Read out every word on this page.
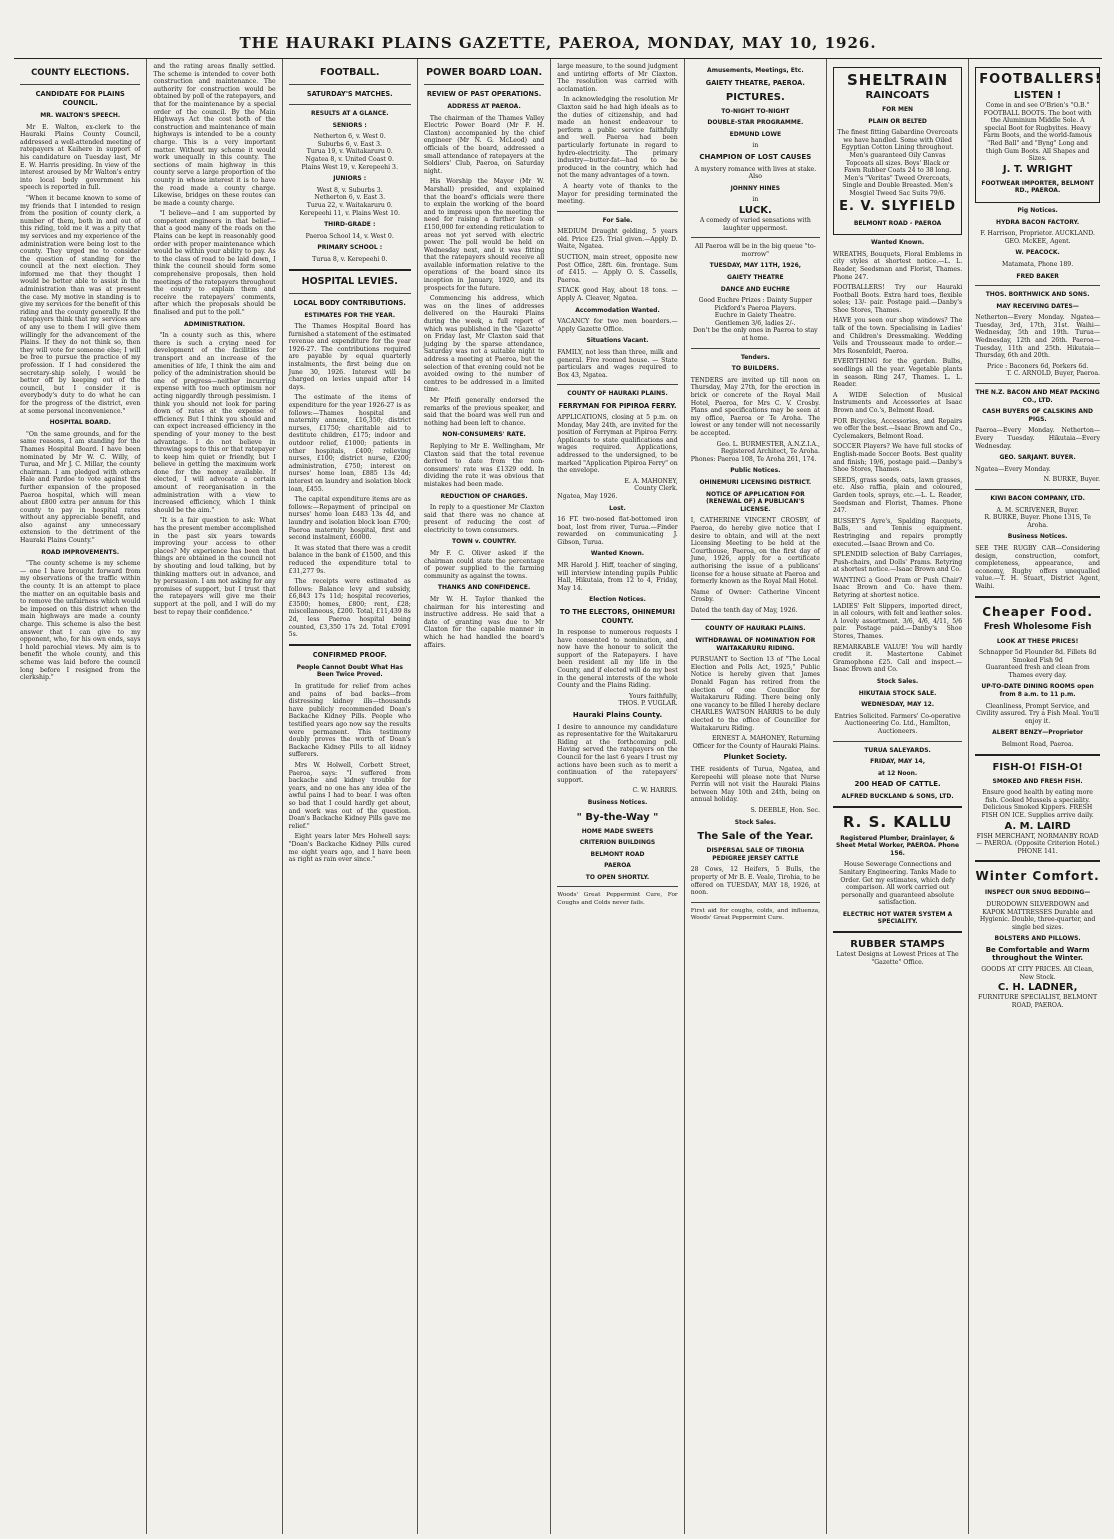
THE HAURAKI PLAINS GAZETTE, PAEROA, MONDAY, MAY 10, 1926.
COUNTY ELECTIONS.
CANDIDATE FOR PLAINS COUNCIL.
MR. WALTON'S SPEECH.

Mr E. Walton, ex-clerk to the Hauraki Plains County Council, addressed a well-attended meeting of ratepayers at Kaihere in support of his candidature on Tuesday last, Mr E. W. Harris presiding. In view of the interest aroused by Mr Walton's entry into local body government his speech is reported in full.

"When it became known to some of my friends that I intended to resign from the position of county clerk, a number of them, both in and out of this riding, told me it was a pity that my services and my experience of the administration were being lost to the county. They urged me to consider the question of standing for the council at the next election. They informed me that they thought I would be better able to assist in the administration than was at present the case. My motive in standing is to give my services for the benefit of this riding and the county generally. If the ratepayers think that my services are of any use to them I will give them willingly for the advancement of the Plains. If they do not think so, then they will vote for someone else; I will be free to pursue the practice of my profession. If I had considered the secretary-ship solely, I would be better off by keeping out of the council, but I consider it is everybody's duty to do what he can for the progress of the district, even at some personal inconvenience."

HOSPITAL BOARD.

"On the same grounds, and for the same reasons, I am standing for the Thames Hospital Board. I have been nominated by Mr W. C. Willy, of Turua, and Mr J. C. Millar, the county chairman. I am pledged with others Hale and Pardoe to vote against the further expansion of the proposed Paeroa hospital, which will mean about £800 extra per annum for this county to pay in hospital rates without any appreciable benefit, and also against any unnecessary extension to the detriment of the Hauraki Plains County."

ROAD IMPROVEMENTS.

"The county scheme is my scheme — one I have brought forward from my observations of the traffic within the county. It is an attempt to place the matter on an equitable basis and to remove the unfairness which would be imposed on this district when the main highways are made a county charge. This scheme is also the best answer that I can give to my opponent, who, for his own ends, says I hold parochial views. My aim is to benefit the whole county, and this scheme was laid before the council long before I resigned from the clerkship."

and the rating areas finally settled. The scheme is intended to cover both construction and maintenance. The authority for construction would be obtained by poll of the ratepayers, and that for the maintenance by a special order of the council. By the Main Highways Act the cost both of the construction and maintenance of main highways is intended to be a county charge. This is a very important matter. Without my scheme it would work unequally in this county. The sections of main highway in this county serve a large proportion of the county in whose interest it is to have the road made a county charge. Likewise, bridges on these routes can be made a county charge.

"I believe—and I am supported by competent engineers in that belief—that a good many of the roads on the Plains can be kept in reasonably good order with proper maintenance which would be within your ability to pay. As to the class of road to be laid down, I think the council should form some comprehensive proposals, then hold meetings of the ratepayers throughout the county to explain them and receive the ratepayers' comments, after which the proposals should be finalised and put to the poll."

ADMINISTRATION.

"In a county such as this, where there is such a crying need for development of the facilities for transport and an increase of the amenities of life, I think the aim and policy of the administration should be one of progress—neither incurring expense with too much optimism nor acting niggardly through pessimism. I think you should not look for paring down of rates at the expense of efficiency. But I think you should and can expect increased efficiency in the spending of your money to the best advantage. I do not believe in throwing sops to this or that ratepayer to keep him quiet or friendly, but I believe in getting the maximum work done for the money available. If elected, I will advocate a certain amount of reorganisation in the administration with a view to increased efficiency, which I think should be the aim."

"It is a fair question to ask: What has the present member accomplished in the past six years towards improving your access to other places? My experience has been that things are obtained in the council not by shouting and loud talking, but by thinking matters out in advance, and by persuasion. I am not asking for any promises of support, but I trust that the ratepayers will give me their support at the poll, and I will do my best to repay their confidence."

FOOTBALL.
SATURDAY'S MATCHES.
RESULTS AT A GLANCE.
SENIORS :
Netherton 6, v. West 0.
Suburbs 6, v. East 3.
Turua 19, v. Waitakaruru 0.
Ngatea 8, v. United Coast 0.
Plains West 19, v. Kerepeehi 3.
JUNIORS :
West 8, v. Suburbs 3.
Netherton 6, v. East 3.
Turua 22, v. Waitakaruru 0.
Kerepeehi 11, v. Plains West 10.
THIRD-GRADE :
Paeroa School 14, v. West 0.
PRIMARY SCHOOL :
Turua 8, v. Kerepeehi 0.
HOSPITAL LEVIES.
LOCAL BODY CONTRIBUTIONS.
ESTIMATES FOR THE YEAR.

The Thames Hospital Board has furnished a statement of the estimated revenue and expenditure for the year 1926-27. The contributions required are payable by equal quarterly instalments, the first being due on June 30, 1926. Interest will be charged on levies unpaid after 14 days.

The estimate of the items of expenditure for the year 1926-27 is as follows:—Thames hospital and maternity annexe, £16,350; district nurses, £1750; charitable aid to destitute children, £175; indoor and outdoor relief, £1000; patients in other hospitals, £400; relieving nurses, £100; district nurse, £200; administration, £750; interest on nurses' home loan, £885 13s 4d; interest on laundry and isolation block loan, £455.

The capital expenditure items are as follows:—Repayment of principal on nurses' home loan £483 13s 4d, and laundry and isolation block loan £700; Paeroa maternity hospital, first and second instalment, £6000.

It was stated that there was a credit balance in the bank of £1500, and this reduced the expenditure total to £31,277 9s.

The receipts were estimated as follows: Balance levy and subsidy, £6,843 17s 11d; hospital recoveries, £3500; homes, £800; rent, £28; miscellaneous, £200. Total, £11,439 8s 2d, less Paeroa hospital being counted, £3,350 17s 2d. Total £7091 5s.

CONFIRMED PROOF.
People Cannot Doubt What Has Been Twice Proved.

In gratitude for relief from aches and pains of bad backs—from distressing kidney ills—thousands have publicly recommended Doan's Backache Kidney Pills. People who testified years ago now say the results were permanent. This testimony doubly proves the worth of Doan's Backache Kidney Pills to all kidney sufferers.

Mrs W. Holwell, Corbett Street, Paeroa, says: "I suffered from backache and kidney trouble for years, and no one has any idea of the awful pains I had to bear. I was often so bad that I could hardly get about, and work was out of the question. Doan's Backache Kidney Pills gave me relief."

Eight years later Mrs Holwell says: "Doan's Backache Kidney Pills cured me eight years ago, and I have been as right as rain ever since."

POWER BOARD LOAN.
REVIEW OF PAST OPERATIONS.
ADDRESS AT PAEROA.

The chairman of the Thames Valley Electric Power Board (Mr F. H. Claxton) accompanied by the chief engineer (Mr N. G. McLeod) and officials of the board, addressed a small attendance of ratepayers at the Soldiers' Club, Paeroa, on Saturday night.

His Worship the Mayor (Mr W. Marshall) presided, and explained that the board's officials were there to explain the working of the board and to impress upon the meeting the need for raising a further loan of £150,000 for extending reticulation to areas not yet served with electric power. The poll would be held on Wednesday next, and it was fitting that the ratepayers should receive all available information relative to the operations of the board since its inception in January, 1920, and its prospects for the future.

Commencing his address, which was on the lines of addresses delivered on the Hauraki Plains during the week, a full report of which was published in the "Gazette" on Friday last, Mr Claxton said that judging by the sparse attendance, Saturday was not a suitable night to address a meeting at Paeroa, but the selection of that evening could not be avoided owing to the number of centres to be addressed in a limited time.

Mr Pfeifi generally endorsed the remarks of the previous speaker, and said that the board was well run and nothing had been left to chance.

NON-CONSUMERS' RATE.

Replying to Mr E. Wellingham, Mr Claxton said that the total revenue derived to date from the non-consumers' rate was £1329 odd. In dividing the rate it was obvious that mistakes had been made.

REDUCTION OF CHARGES.

In reply to a questioner Mr Claxton said that there was no chance at present of reducing the cost of electricity to town consumers.

TOWN v. COUNTRY.

Mr F. C. Oliver asked if the chairman could state the percentage of power supplied to the farming community as against the towns.

THANKS AND CONFIDENCE.

Mr W. H. Taylor thanked the chairman for his interesting and instructive address. He said that a date of granting was due to Mr Claxton for the capable manner in which he had handled the board's affairs.

large measure, to the sound judgment and untiring efforts of Mr Claxton. The resolution was carried with acclamation.

In acknowledging the resolution Mr Claxton said he had high ideals as to the duties of citizenship, and had made an honest endeavour to perform a public service faithfully and well. Paeroa had been particularly fortunate in regard to hydro-electricity. The primary industry—butter-fat—had to be produced in the country, which had not the many advantages of a town.

A hearty vote of thanks to the Mayor for presiding terminated the meeting.

For Sale.
MEDIUM Draught gelding, 5 years old. Price £25. Trial given.—Apply D. Waite, Ngatea.
SUCTION, main street, opposite new Post Office, 28ft. 6in. frontage. Sum of £415. — Apply O. S. Cassells, Paeroa.
STACK good Hay, about 18 tons. — Apply A. Cleaver, Ngatea.
Accommodation Wanted.
VACANCY for two men boarders.—Apply Gazette Office.
Situations Vacant.
FAMILY, not less than three, milk and general. Five roomed house. — State particulars and wages required to Box 43, Ngatea.
COUNTY OF HAURAKI PLAINS.
FERRYMAN FOR PIPIROA FERRY.
APPLICATIONS, closing at 5 p.m. on Monday, May 24th, are invited for the position of Ferryman at Pipiroa Ferry. Applicants to state qualifications and wages required. Applications, addressed to the undersigned, to be marked "Application Pipiroa Ferry" on the envelope.
E. A. MAHONEY,
County Clerk.
Ngatea, May 1926.
Lost.
16 FT. two-nosed flat-bottomed iron boat, lost from river, Turua.—Finder rewarded on communicating J. Gibson, Turua.
Wanted Known.
MR Harold J. Hiff, teacher of singing, will interview intending pupils Public Hall, Hikutaia, from 12 to 4, Friday, May 14.
Election Notices.
TO THE ELECTORS, OHINEMURI COUNTY.
In response to numerous requests I have consented to nomination, and now have the honour to solicit the support of the Ratepayers. I have been resident all my life in the County, and if elected will do my best in the general interests of the whole County and the Plains Riding.
Yours faithfully,
THOS. P. VUGLAR.
Hauraki Plains County.
I desire to announce my candidature as representative for the Waitakaruru Riding at the forthcoming poll. Having served the ratepayers on the Council for the last 6 years I trust my actions have been such as to merit a continuation of the ratepayers' support.
C. W. HARRIS.
Business Notices.
" By-the-Way "
HOME MADE SWEETS
CRITERION BUILDINGS
BELMONT ROAD
PAEROA
TO OPEN SHORTLY.
Woods' Great Peppermint Cure, For Coughs and Colds never fails.
Amusements, Meetings, Etc.
GAIETY THEATRE, PAEROA.
PICTURES.
TO-NIGHT TO-NIGHT
DOUBLE-STAR PROGRAMME.
EDMUND LOWE
in
CHAMPION OF LOST CAUSES
A mystery romance with lives at stake.
Also
JOHNNY HINES
in
LUCK.
A comedy of varied sensations with laughter uppermost.
All Paeroa will be in the big queue "to-morrow"
TUESDAY, MAY 11TH, 1926,
GAIETY THEATRE
DANCE AND EUCHRE
Good Euchre Prizes : Dainty Supper
Pickford's Paeroa Players.
Euchre in Gaiety Theatre.
Gentlemen 3/6, ladies 2/-.
Don't be the only ones in Paeroa to stay at home.
Tenders.
TO BUILDERS.
TENDERS are invited up till noon on Thursday, May 27th, for the erection in brick or concrete of the Royal Mail Hotel, Paeroa, for Mrs C. V. Crosby. Plans and specifications may be seen at my office, Paeroa or Te Aroha. The lowest or any tender will not necessarily be accepted.
Geo. L. BURMESTER, A.N.Z.I.A., Registered Architect, Te Aroha.
Phones: Paeroa 108, Te Aroha 261, 174.
Public Notices.
OHINEMURI LICENSING DISTRICT.
NOTICE OF APPLICATION FOR (RENEWAL OF) A PUBLICAN'S LICENSE.
I, CATHERINE VINCENT CROSBY, of Paeroa, do hereby give notice that I desire to obtain, and will at the next Licensing Meeting to be held at the Courthouse, Paeroa, on the first day of June, 1926, apply for a certificate authorising the issue of a publicans' license for a house situate at Paeroa and formerly known as the Royal Mail Hotel.
Name of Owner: Catherine Vincent Crosby.
Dated the tenth day of May, 1926.
COUNTY OF HAURAKI PLAINS.
WITHDRAWAL OF NOMINATION FOR WAITAKARURU RIDING.
PURSUANT to Section 13 of "The Local Election and Polls Act, 1925," Public Notice is hereby given that James Donald Fagan has retired from the election of one Councillor for Waitakaruru Riding. There being only one vacancy to be filled I hereby declare CHARLES WATSON HARRIS to be duly elected to the office of Councillor for Waitakaruru Riding.
ERNEST A. MAHONEY, Returning Officer for the County of Hauraki Plains.
Plunket Society.
THE residents of Turua, Ngatea, and Kerepeehi will please note that Nurse Perrin will not visit the Hauraki Plains between May 10th and 24th, being on annual holiday.
S. DEEBLE, Hon. Sec.
Stock Sales.
The Sale of the Year.
DISPERSAL SALE OF TIROHIA PEDIGREE JERSEY CATTLE
28 Cows, 12 Heifers, 5 Bulls, the property of Mr B. E. Veale, Tirohia, to be offered on TUESDAY, MAY 18, 1926, at noon.
First aid for coughs, colds, and influenza, Woods' Great Peppermint Cure.
SHELTRAIN
RAINCOATS
FOR MEN
PLAIN OR BELTED
The finest fitting Gabardine Overcoats we have handled. Some with Oiled Egyptian Cotton Lining throughout. Men's guaranteed Oily Canvas Topcoats all sizes. Boys' Black or Fawn Rubber Coats 24 to 38 long. Men's "Veritas" Tweed Overcoats, Single and Double Breasted. Men's Mosgiel Tweed Sac Suits 79/6.
E. V. SLYFIELD
BELMONT ROAD - PAEROA
Wanted Known.
WREATHS, Bouquets, Floral Emblems in city styles at shortest notice.—L. L. Reader, Seedsman and Florist, Thames. Phone 247.
FOOTBALLERS! Try our Hauraki Football Boots. Extra hard toes, flexible soles; 13/- pair. Postage paid.—Danby's Shoe Stores, Thames.
HAVE you seen our shop windows? The talk of the town. Specialising in Ladies' and Children's Dressmaking. Wedding Veils and Trousseaux made to order.—Mrs Rosenfeldt, Paeroa.
EVERYTHING for the garden. Bulbs, seedlings all the year. Vegetable plants in season. Ring 247, Thames. L. L. Reader.
A WIDE Selection of Musical Instruments and Accessories at Isaac Brown and Co.'s, Belmont Road.
FOR Bicycles, Accessories, and Repairs we offer the best.—Isaac Brown and Co., Cyclemakers, Belmont Road.
SOCCER Players? We have full stocks of English-made Soccer Boots. Best quality and finish; 19/6, postage paid.—Danby's Shoe Stores, Thames.
SEEDS, grass seeds, oats, lawn grasses, etc. Also raffia, plain and coloured, Garden tools, sprays, etc.—L. L. Reader, Seedsman and Florist, Thames. Phone 247.
BUSSEY'S Ayre's, Spalding Racquets, Balls, and Tennis equipment. Restringing and repairs promptly executed.—Isaac Brown and Co.
SPLENDID selection of Baby Carriages, Push-chairs, and Dolls' Prams. Retyring at shortest notice.—Isaac Brown and Co.
WANTING a Good Pram or Push Chair? Isaac Brown and Co. have them. Retyring at shortest notice.
LADIES' Felt Slippers, imported direct, in all colours, with felt and leather soles. A lovely assortment. 3/6, 4/6, 4/11, 5/6 pair. Postage paid.—Danby's Shoe Stores, Thames.
REMARKABLE VALUE! You will hardly credit it. Mastertone Cabinet Gramophone £25. Call and inspect.—Isaac Brown and Co.
Stock Sales.
HIKUTAIA STOCK SALE.
WEDNESDAY, MAY 12.
Entries Solicited. Farmers' Co-operative Auctioneering Co. Ltd., Hamilton, Auctioneers.
TURUA SALEYARDS.
FRIDAY, MAY 14,
at 12 Noon.
200 HEAD OF CATTLE.
ALFRED BUCKLAND & SONS, LTD.
R. S. KALLU
Registered Plumber, Drainlayer, & Sheet Metal Worker, PAEROA. Phone 156.
House Sewerage Connections and Sanitary Engineering. Tanks Made to Order. Get my estimates, which defy comparison. All work carried out personally and guaranteed absolute satisfaction.
ELECTRIC HOT WATER SYSTEM A SPECIALITY.
RUBBER STAMPS
Latest Designs at Lowest Prices at The "Gazette" Office.
FOOTBALLERS!
LISTEN !
Come in and see O'Brien's "O.B." FOOTBALL BOOTS. The boot with the Aluminium Middle Sole. A special Boot for Rugbyites. Heavy Farm Boots, and the world-famous "Red Ball" and "Byng" Long and thigh Gum Boots. All Shapes and Sizes.
J. T. WRIGHT
FOOTWEAR IMPORTER, BELMONT RD., PAEROA.
Pig Notices.
HYDRA BACON FACTORY.
F. Harrison, Proprietor. AUCKLAND.
GEO. McKEE, Agent.
W. PEACOCK.
Matamata, Phone 189.
FRED BAKER
THOS. BORTHWICK AND SONS.
MAY RECEIVING DATES—
Netherton—Every Monday. Ngatea—Tuesday, 3rd, 17th, 31st. Waihi—Wednesday, 5th and 19th. Turua—Wednesday, 12th and 26th. Paeroa—Tuesday, 11th and 25th. Hikutaia—Thursday, 6th and 20th.
Price : Baconers 6d, Porkers 6d.
T. C. ARNOLD, Buyer, Paeroa.
THE N.Z. BACON AND MEAT PACKING CO., LTD.
CASH BUYERS OF CALSKINS AND PIGS.
Paeroa—Every Monday. Netherton—Every Tuesday. Hikutaia—Every Wednesday.
GEO. SARJANT. BUYER.
Ngatea—Every Monday.
N. BURKE, Buyer.
KIWI BACON COMPANY, LTD.
A. M. SCRIVENER, Buyer.
R. BURKE, Buyer. Phone 131S, Te Aroha.
Business Notices.
SEE THE RUGBY CAR—Considering design, construction, comfort, completeness, appearance, and economy, Rugby offers unequalled value.—T. H. Stuart, District Agent, Waihi.
Cheaper Food.
Fresh Wholesome Fish
LOOK AT THESE PRICES!
Schnapper 5d Flounder 8d. Fillets 8d Smoked Fish 9d
Guaranteed fresh and clean from Thames every day.
UP-TO-DATE DINING ROOMS open from 8 a.m. to 11 p.m.
Cleanliness, Prompt Service, and Civility assured. Try a Fish Meal. You'll enjoy it.
ALBERT BENZY—Proprietor
Belmont Road, Paeroa.
FISH-O! FISH-O!
SMOKED AND FRESH FISH.
Ensure good health by eating more fish. Cooked Mussels a speciality. Delicious Smoked Kippers. FRESH FISH ON ICE. Supplies arrive daily.
A. M. LAIRD
FISH MERCHANT, NORMANBY ROAD — PAEROA. (Opposite Criterion Hotel.) PHONE 141.
Winter Comfort.
INSPECT OUR SNUG BEDDING—
DURODOWN SILVERDOWN and KAPOK MATTRESSES Durable and Hygienic. Double, three-quarter, and single bed sizes.
BOLSTERS AND PILLOWS.
Be Comfortable and Warm throughout the Winter.
GOODS AT CITY PRICES. All Clean, New Stock.
C. H. LADNER,
FURNITURE SPECIALIST, BELMONT ROAD, PAEROA.
